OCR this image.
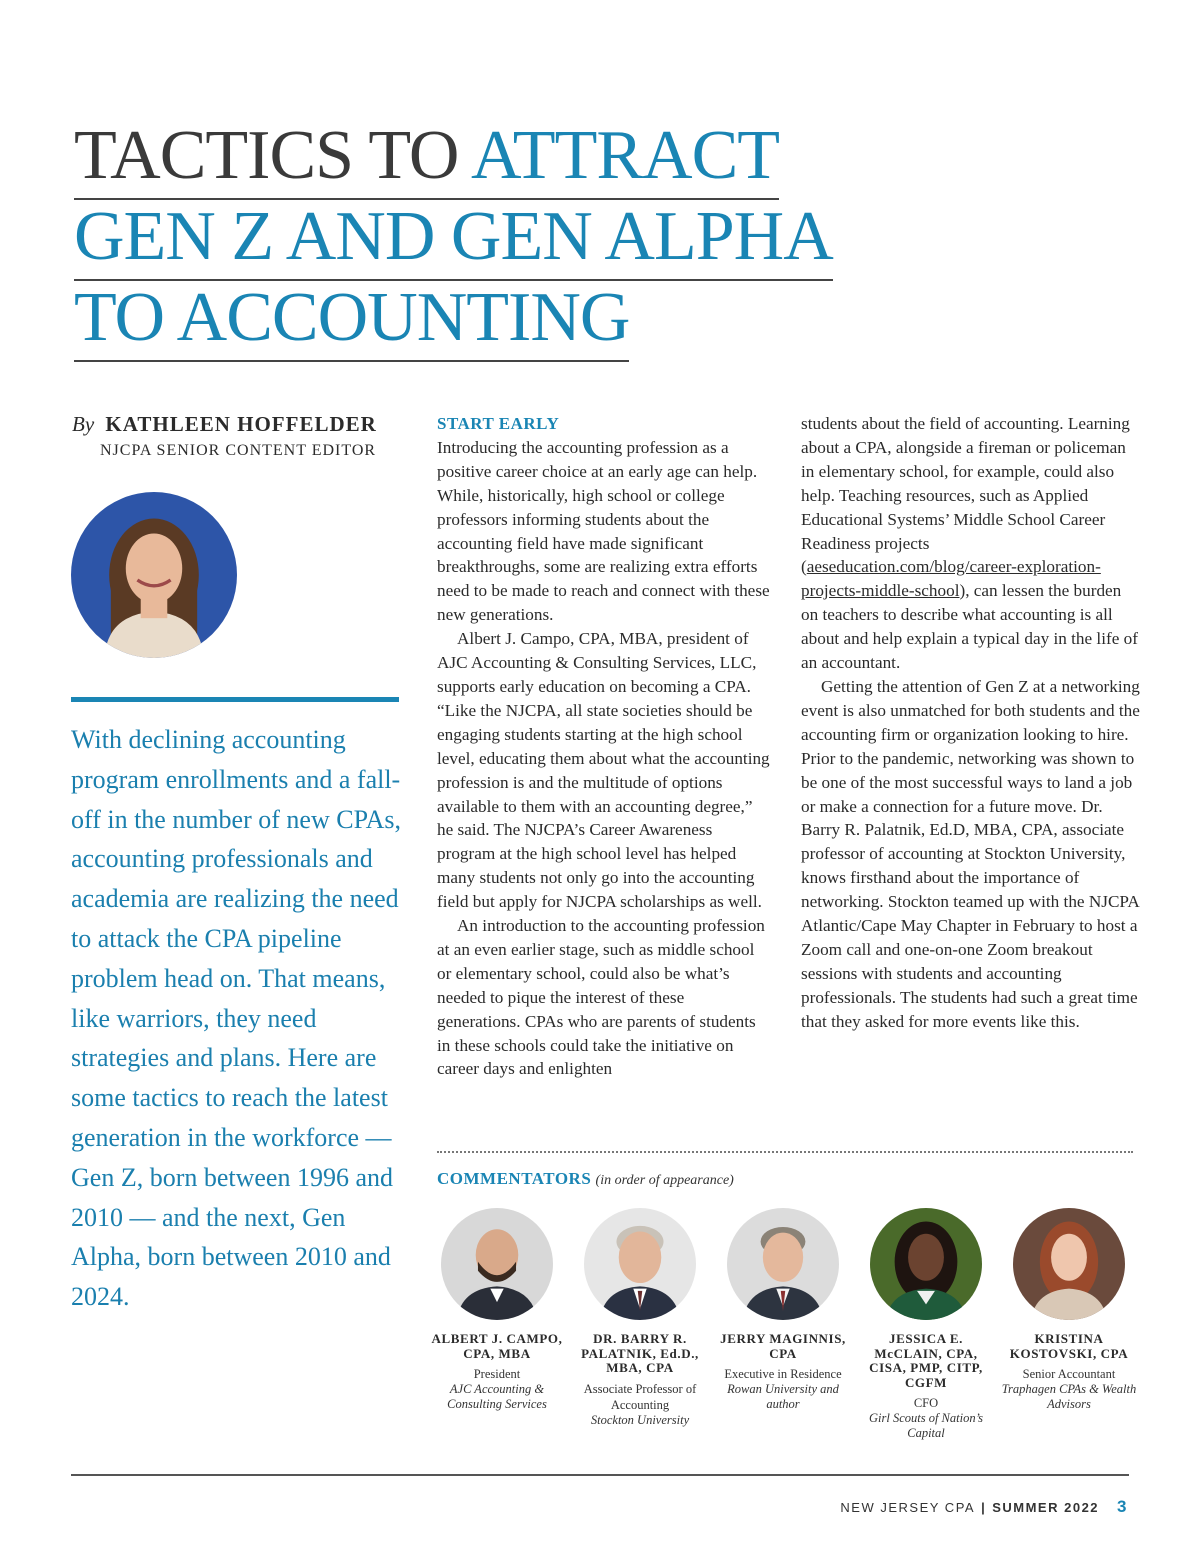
TACTICS TO ATTRACT
GEN Z AND GEN ALPHA
TO ACCOUNTING
By KATHLEEN HOFFELDER
NJCPA SENIOR CONTENT EDITOR
With declining accounting program enrollments and a fall-off in the number of new CPAs, accounting professionals and academia are realizing the need to attack the CPA pipeline problem head on. That means, like warriors, they need strategies and plans. Here are some tactics to reach the latest generation in the workforce — Gen Z, born between 1996 and 2010 — and the next, Gen Alpha, born between 2010 and 2024.
START EARLY

Introducing the accounting profession as a positive career choice at an early age can help. While, historically, high school or college professors informing students about the accounting field have made significant breakthroughs, some are realizing extra efforts need to be made to reach and connect with these new generations.

Albert J. Campo, CPA, MBA, president of AJC Accounting & Consulting Services, LLC, supports early education on becoming a CPA. “Like the NJCPA, all state societies should be engaging students starting at the high school level, educating them about what the accounting profession is and the multitude of options available to them with an accounting degree,” he said. The NJCPA’s Career Awareness program at the high school level has helped many students not only go into the accounting field but apply for NJCPA scholarships as well.

An introduction to the accounting profession at an even earlier stage, such as middle school or elementary school, could also be what’s needed to pique the interest of these generations. CPAs who are parents of students in these schools could take the initiative on career days and enlighten

students about the field of accounting. Learning about a CPA, alongside a fireman or policeman in elementary school, for example, could also help. Teaching resources, such as Applied Educational Systems’ Middle School Career Readiness projects (aeseducation.com/blog/career-exploration-projects-middle-school), can lessen the burden on teachers to describe what accounting is all about and help explain a typical day in the life of an accountant.

Getting the attention of Gen Z at a networking event is also unmatched for both students and the accounting firm or organization looking to hire. Prior to the pandemic, networking was shown to be one of the most successful ways to land a job or make a connection for a future move. Dr. Barry R. Palatnik, Ed.D, MBA, CPA, associate professor of accounting at Stockton University, knows firsthand about the importance of networking. Stockton teamed up with the NJCPA Atlantic/Cape May Chapter in February to host a Zoom call and one-on-one Zoom breakout sessions with students and accounting professionals. The students had such a great time that they asked for more events like this.

COMMENTATORS (in order of appearance)
ALBERT J. CAMPO, CPA, MBA
President
AJC Accounting & Consulting Services
DR. BARRY R. PALATNIK, Ed.D., MBA, CPA
Associate Professor of Accounting
Stockton University
JERRY MAGINNIS, CPA
Executive in Residence
Rowan University and author
JESSICA E. McCLAIN, CPA, CISA, PMP, CITP, CGFM
CFO
Girl Scouts of Nation’s Capital
KRISTINA KOSTOVSKI, CPA
Senior Accountant
Traphagen CPAs & Wealth Advisors
NEW JERSEY CPA | SUMMER 2022 3
